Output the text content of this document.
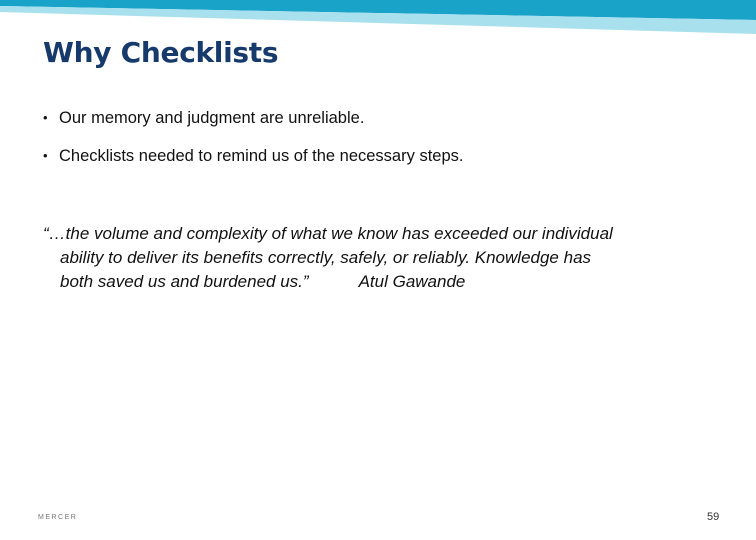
Why Checklists
• Our memory and judgment are unreliable.
• Checklists needed to remind us of the necessary steps.

“…the volume and complexity of what we know has exceeded our individual
ability to deliver its benefits correctly, safely, or reliably. Knowledge has
both saved us and burdened us.”	Atul Gawande

MERCER	59
